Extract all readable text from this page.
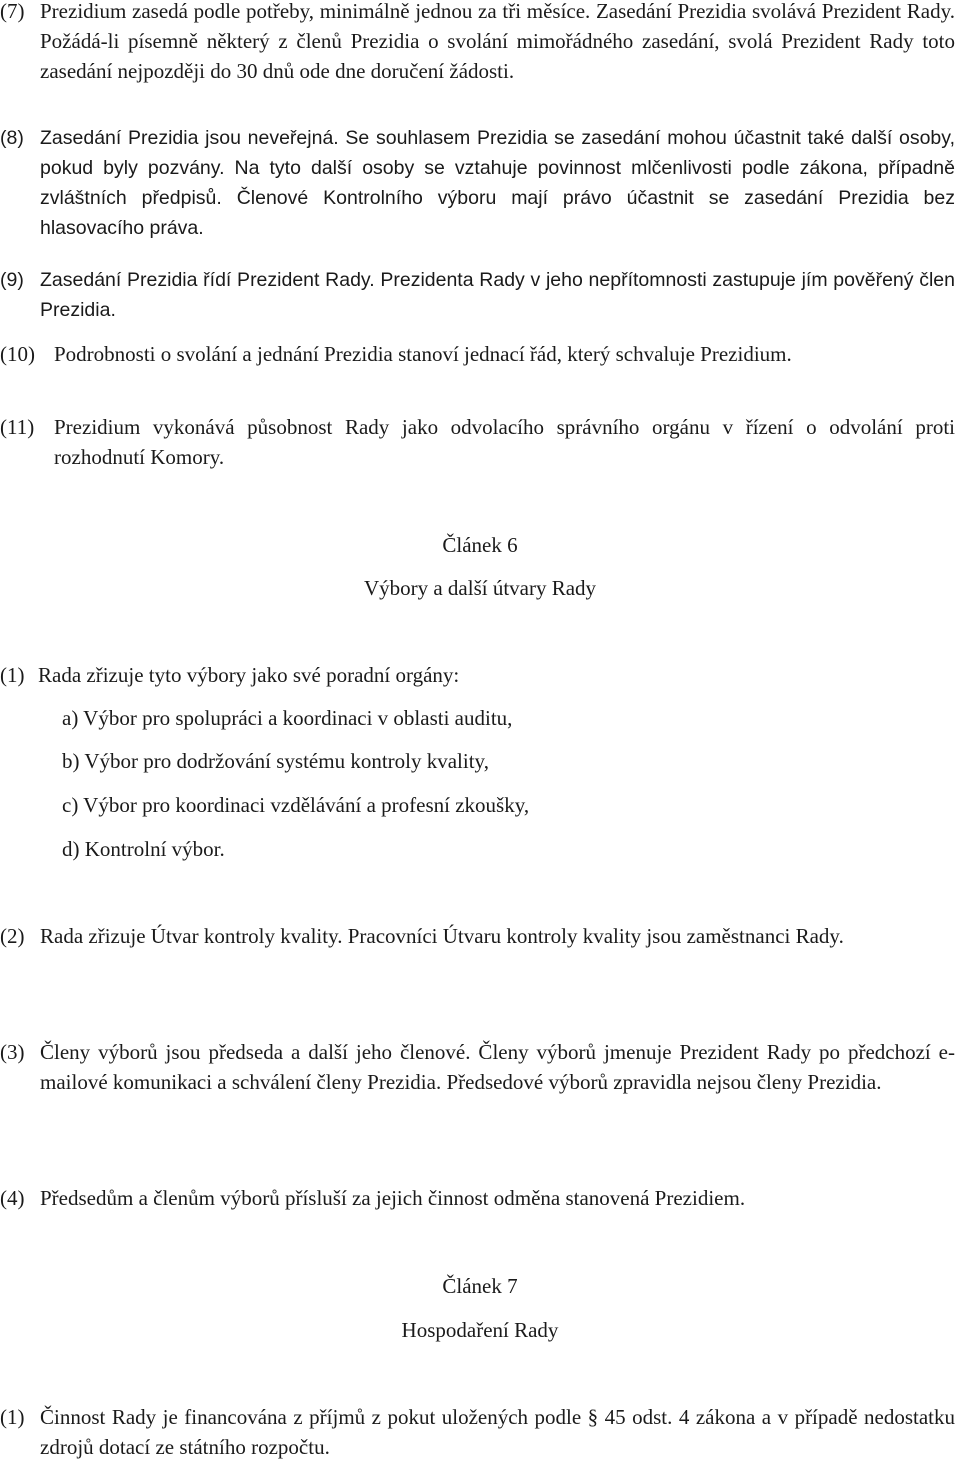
(7) Prezidium zasedá podle potřeby, minimálně jednou za tři měsíce. Zasedání Prezidia svolává Prezident Rady. Požádá-li písemně některý z členů Prezidia o svolání mimořádného zasedání, svolá Prezident Rady toto zasedání nejpozději do 30 dnů ode dne doručení žádosti.
(8) Zasedání Prezidia jsou neveřejná. Se souhlasem Prezidia se zasedání mohou účastnit také další osoby, pokud byly pozvány. Na tyto další osoby se vztahuje povinnost mlčenlivosti podle zákona, případně zvláštních předpisů. Členové Kontrolního výboru mají právo účastnit se zasedání Prezidia bez hlasovacího práva.
(9) Zasedání Prezidia řídí Prezident Rady. Prezidenta Rady v jeho nepřítomnosti zastupuje jím pověřený člen Prezidia.
(10) Podrobnosti o svolání a jednání Prezidia stanoví jednací řád, který schvaluje Prezidium.
(11) Prezidium vykonává působnost Rady jako odvolacího správního orgánu v řízení o odvolání proti rozhodnutí Komory.
Článek 6
Výbory a další útvary Rady
(1) Rada zřizuje tyto výbory jako své poradní orgány:
a) Výbor pro spolupráci a koordinaci v oblasti auditu,
b) Výbor pro dodržování systému kontroly kvality,
c) Výbor pro koordinaci vzdělávání a profesní zkoušky,
d) Kontrolní výbor.
(2) Rada zřizuje Útvar kontroly kvality. Pracovníci Útvaru kontroly kvality jsou zaměstnanci Rady.
(3) Členy výborů jsou předseda a další jeho členové. Členy výborů jmenuje Prezident Rady po předchozí e-mailové komunikaci a schválení členy Prezidia. Předsedové výborů zpravidla nejsou členy Prezidia.
(4) Předsedům a členům výborů přísluší za jejich činnost odměna stanovená Prezidiem.
Článek 7
Hospodaření Rady
(1) Činnost Rady je financována z příjmů z pokut uložených podle § 45 odst. 4 zákona a v případě nedostatku zdrojů dotací ze státního rozpočtu.
